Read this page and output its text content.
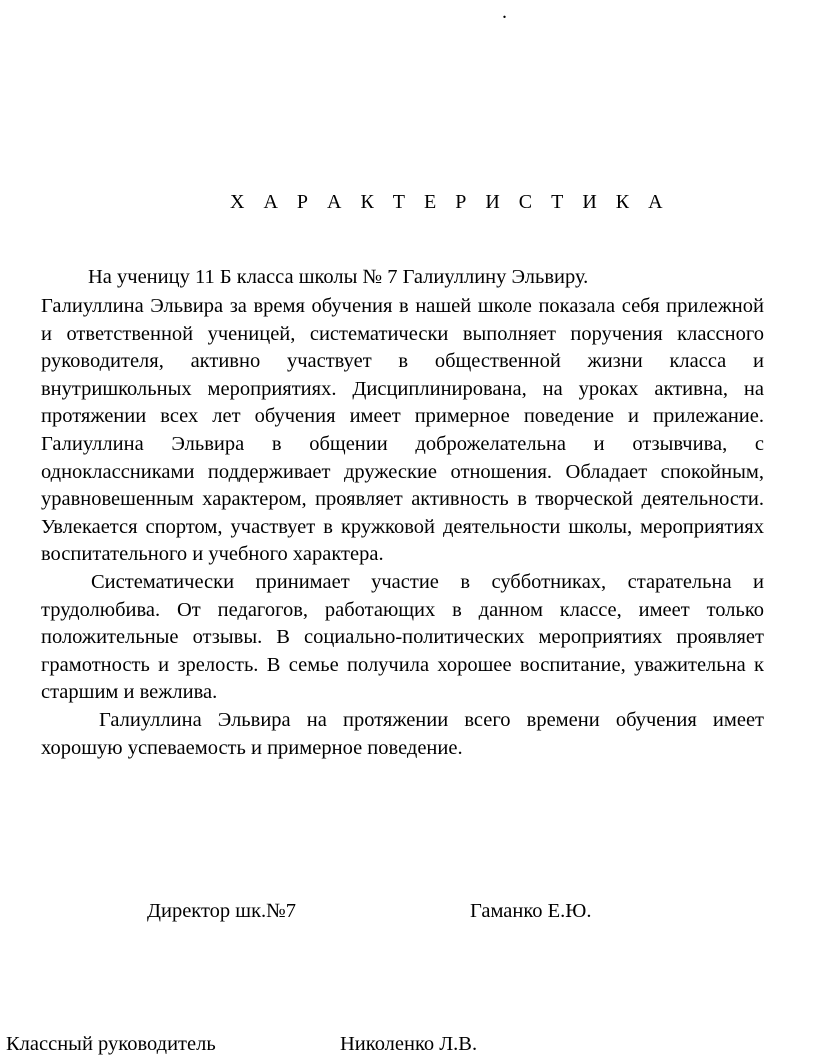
.
Х А Р А К Т Е Р И С Т И К А
На ученицу 11 Б класса школы № 7 Галиуллину Эльвиру.

Галиуллина Эльвира за время обучения в нашей школе показала себя прилежной и ответственной ученицей, систематически выполняет поручения классного руководителя, активно участвует в общественной жизни класса и внутришкольных мероприятиях. Дисциплинирована, на уроках активна, на протяжении всех лет обучения имеет примерное поведение и прилежание. Галиуллина Эльвира в общении доброжелательна и отзывчива, с одноклассниками поддерживает дружеские отношения. Обладает спокойным, уравновешенным характером, проявляет активность в творческой деятельности. Увлекается спортом, участвует в кружковой деятельности школы, мероприятиях воспитательного и учебного характера.

Систематически принимает участие в субботниках, старательна и трудолюбива. От педагогов, работающих в данном классе, имеет только положительные отзывы. В социально-политических мероприятиях проявляет грамотность и зрелость. В семье получила хорошее воспитание, уважительна к старшим и вежлива.

Галиуллина Эльвира на протяжении всего времени обучения имеет хорошую успеваемость и примерное поведение.

Директор шк.№7	Гаманко Е.Ю.
Классный руководитель	Николенко Л.В.
